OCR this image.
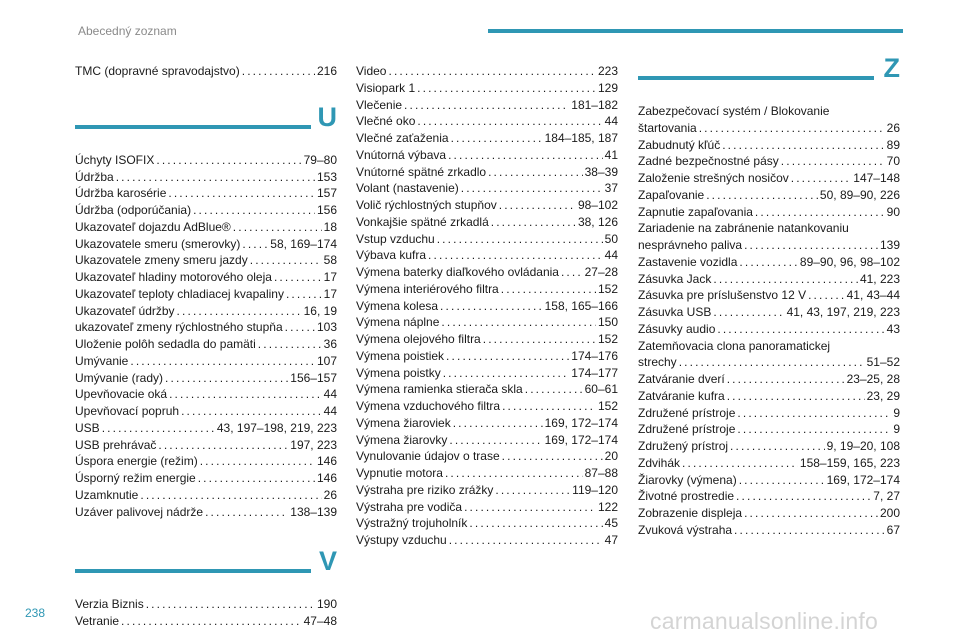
Abecedný zoznam
TMC (dopravné spravodajstvo) . . .	216
U
Úchyty ISOFIX . . .	79–80
Údržba . . .	153
Údržba karosérie . . .	157
Údržba (odporúčania) . . .	156
Ukazovateľ dojazdu AdBlue® . . .	18
Ukazovatele smeru (smerovky) . . . 58, 169–174
Ukazovatele zmeny smeru jazdy . . .	58
Ukazovateľ hladiny motorového oleja . . .	17
Ukazovateľ teploty chladiacej kvapaliny . . .	17
Ukazovateľ údržby . . .	16, 19
ukazovateľ zmeny rýchlostného stupňa . . .	103
Uloženie polôh sedadla do pamäti . . .	36
Umývanie . . .	107
Umývanie (rady) . . .	156–157
Upevňovacie oká . . .	44
Upevňovací popruh . . .	44
USB . . .	43, 197–198, 219, 223
USB prehrávač . . .	197, 223
Úspora energie (režim) . . .	146
Úsporný režim energie . . .	146
Uzamknutie . . .	26
Uzáver palivovej nádrže . . .	138–139
V
Verzia Biznis . . .	190
Vetranie . . .	47–48
Video . . .	223
Visiopark 1 . . .	129
Vlečenie . . .	181–182
Vlečné oko . . .	44
Vlečné zaťaženia . . .	184–185, 187
Vnútorná výbava . . .	41
Vnútorné spätné zrkadlo . . .	38–39
Volant (nastavenie) . . .	37
Volič rýchlostných stupňov . . .	98–102
Vonkajšie spätné zrkadlá . . .	38, 126
Vstup vzduchu . . .	50
Výbava kufra . . .	44
Výmena baterky diaľkového ovládania . . . 27–28
Výmena interiérového filtra . . .	152
Výmena kolesa . . .	158, 165–166
Výmena náplne . . .	150
Výmena olejového filtra . . .	152
Výmena poistiek . . .	174–176
Výmena poistky . . .	174–177
Výmena ramienka stierača skla . . .	60–61
Výmena vzduchového filtra . . .	152
Výmena žiaroviek . . .	169, 172–174
Výmena žiarovky . . .	169, 172–174
Vynulovanie údajov o trase . . .	20
Vypnutie motora . . .	87–88
Výstraha pre riziko zrážky . . .	119–120
Výstraha pre vodiča . . .	122
Výstražný trojuholník . . .	45
Výstupy vzduchu . . .	47
Z
Zabezpečovací systém / Blokovanie
štartovania . . .	26
Zabudnutý kľúč . . .	89
Zadné bezpečnostné pásy . . .	70
Založenie strešných nosičov . . .	147–148
Zapaľovanie . . .	50, 89–90, 226
Zapnutie zapaľovania . . .	90
Zariadenie na zabránenie natankovaniu
nesprávneho paliva . . .	139
Zastavenie vozidla . . .	89–90, 96, 98–102
Zásuvka Jack . . .	41, 223
Zásuvka pre príslušenstvo 12 V . . .	41, 43–44
Zásuvka USB . . .	41, 43, 197, 219, 223
Zásuvky audio . . .	43
Zatemňovacia clona panoramatickej
strechy . . .	51–52
Zatváranie dverí . . .	23–25, 28
Zatváranie kufra . . .	23, 29
Združené prístroje . . .	9
Združené prístroje . . .	9
Združený prístroj . . .	9, 19–20, 108
Zdvihák . . .	158–159, 165, 223
Žiarovky (výmena) . . .	169, 172–174
Životné prostredie . . .	7, 27
Zobrazenie displeja . . .	200
Zvuková výstraha . . .	67
238	carmanualsonline.info
